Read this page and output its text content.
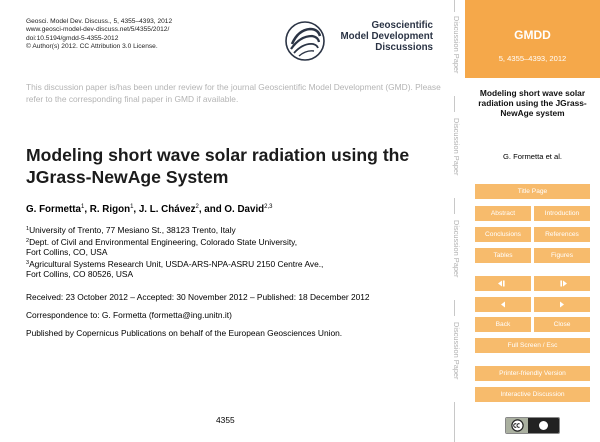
Geosci. Model Dev. Discuss., 5, 4355–4393, 2012
www.geosci-model-dev-discuss.net/5/4355/2012/
doi:10.5194/gmdd-5-4355-2012
© Author(s) 2012. CC Attribution 3.0 License.
Geoscientific
Model Development
Discussions
This discussion paper is/has been under review for the journal Geoscientific Model Development (GMD). Please refer to the corresponding final paper in GMD if available.
Modeling short wave solar radiation using the JGrass-NewAge System
G. Formetta$^1$, R. Rigon$^1$, J. L. Chávez$^2$, and O. David$^{2,3}$
$^1$University of Trento, 77 Mesiano St., 38123 Trento, Italy
$^2$Dept. of Civil and Environmental Engineering, Colorado State University,
Fort Collins, CO, USA
$^3$Agricultural Systems Research Unit, USDA-ARS-NPA-ASRU 2150 Centre Ave.,
Fort Collins, CO 80526, USA
Received: 23 October 2012 – Accepted: 30 November 2012 – Published: 18 December 2012
Correspondence to: G. Formetta (formetta@ing.unitn.it)
Published by Copernicus Publications on behalf of the European Geosciences Union.
4355
Discussion Paper
Discussion Paper
Discussion Paper
Discussion Paper
GMDD
5, 4355–4393, 2012
Modeling short wave solar radiation using the JGrass-NewAge system
G. Formetta et al.
Title Page
Abstract	Introduction
Conclusions	References
Tables	Figures
Back	Close
Full Screen / Esc
Printer-friendly Version
Interactive Discussion
